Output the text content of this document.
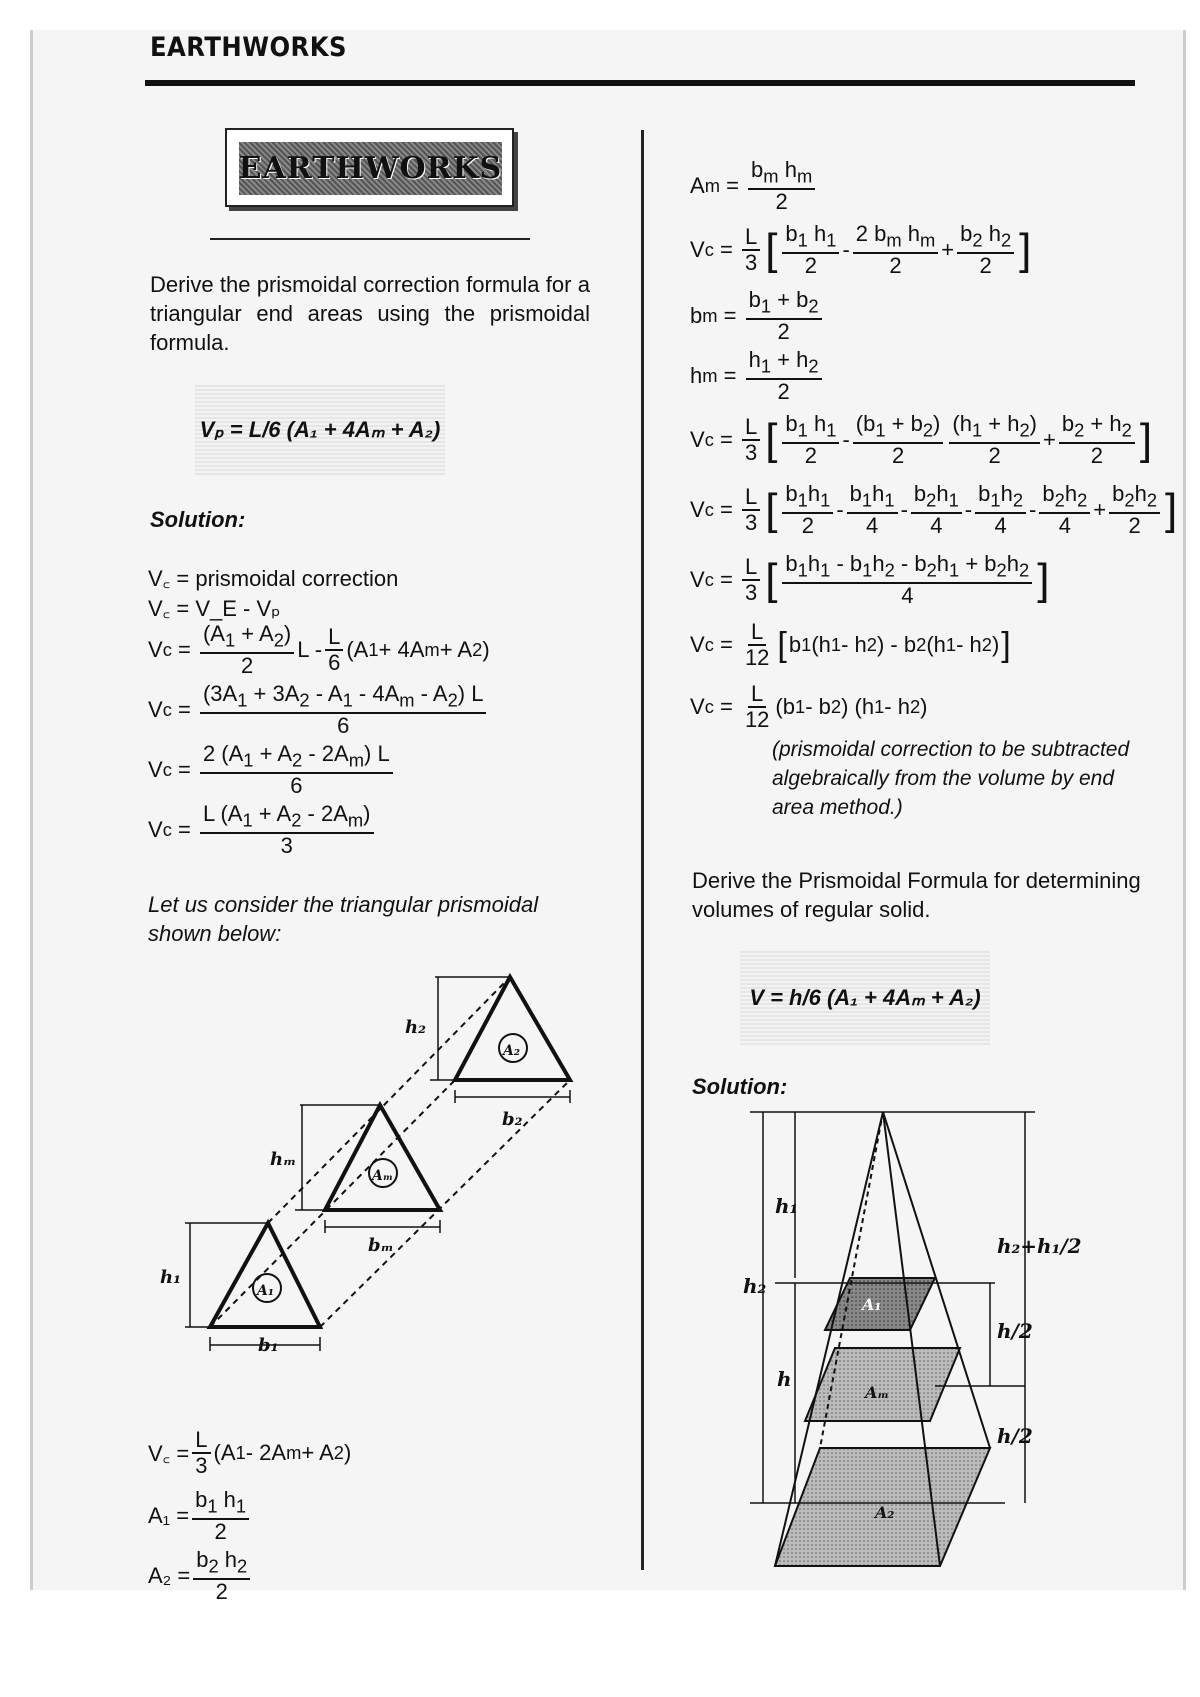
EARTHWORKS
EARTHWORKS
Derive the prismoidal correction formula for a triangular end areas using the prismoidal formula.
Vₚ = L/6 (A₁ + 4Aₘ + A₂)
Solution:
V꜀ = prismoidal correction
V꜀ = V_E - Vₚ
V $c = \frac{(A_1 + A_2)}{2}$ L - $\frac{L}{6} (A$ 1 + 4A m + A 2 )
V $c = \frac{(3A_1 + 3A_2 - A_1 - 4A_m - A_2) L}{6}$
V $c = \frac{2 (A_1 + A_2 - 2A_m) L}{6}$
V $c = \frac{L (A_1 + A_2 - 2A_m)}{3}$
Let us consider the triangular prismoidal shown below:
h₂
A₂
b₂
hₘ
Aₘ
bₘ
h₁
A₁
b₁
V꜀ = $\frac{L}{3} (A$ 1 - 2A m + A 2 )
$A_1 = \frac{b_1 h_1}{2}$
$A_2 = \frac{b_2 h_2}{2}$
A $m = \frac{b_m h_m}{2}$
V $c = \frac{L}{3}$ [ $\frac{b_1 h_1}{2} - \frac{2 b_m h_m}{2} + \frac{b_2 h_2}{2}$ ]
b $m = \frac{b_1 + b_2}{2}$
h $m = \frac{h_1 + h_2}{2}$
V $c = \frac{L}{3}$ [ $\frac{b_1 h_1}{2} - \frac{(b_1 + b_2)}{2} \frac{(h_1 + h_2)}{2} + \frac{b_2 + h_2}{2}$ ]
V $c = \frac{L}{3}$ [ $\frac{b_1h_1}{2} - \frac{b_1h_1}{4} - \frac{b_2h_1}{4} - \frac{b_1h_2}{4} - \frac{b_2h_2}{4} + \frac{b_2h_2}{2}$ ]
V $c = \frac{L}{3}$ [ $\frac{b_1h_1 - b_1h_2 - b_2h_1 + b_2h_2}{4}$ ]
V $c = \frac{L}{12}$ [ b 1 (h 1 - h 2 ) - b 2 (h 1 - h 2 ) ]
V $c = \frac{L}{12} (b$ 1 - b 2 ) (h 1 - h 2 )
(prismoidal correction to be subtracted algebraically from the volume by end area method.)
Derive the Prismoidal Formula for determining volumes of regular solid.
V = h/6 (A₁ + 4Aₘ + A₂)
Solution:
h₁
h₂+h₁/2
h₂
A₁
h/2
h
Aₘ
h/2
A₂
